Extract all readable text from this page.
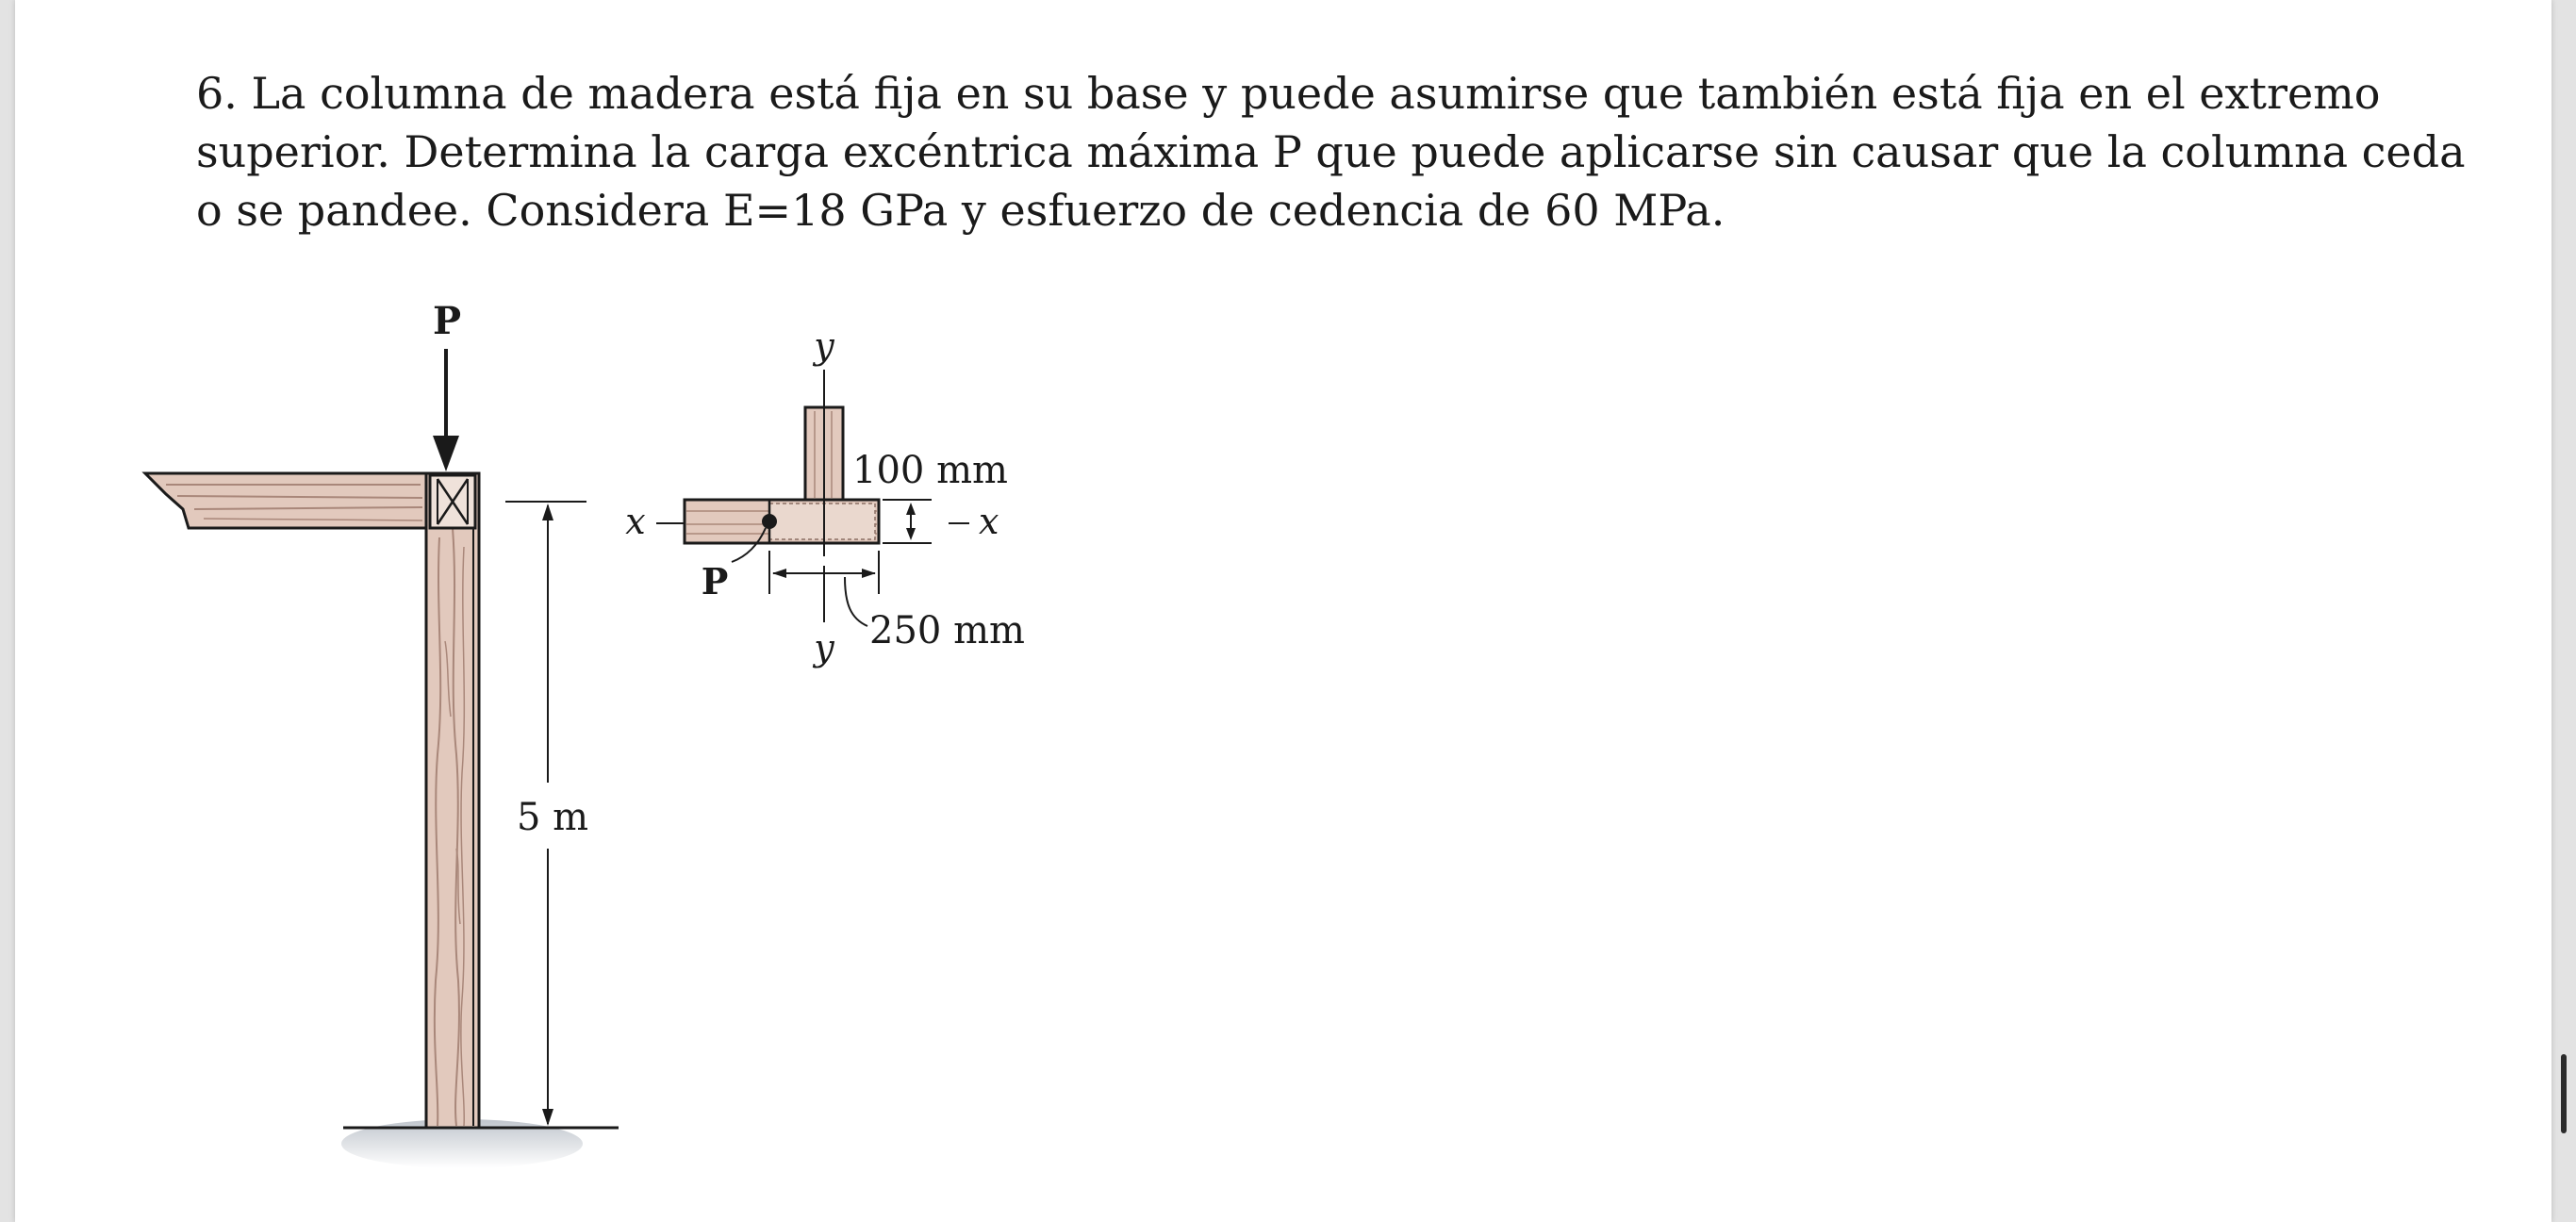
6. La columna de madera está fija en su base y puede asumirse que también está fija en el extremo superior. Determina la carga excéntrica máxima P que puede aplicarse sin causar que la columna ceda o se pandee. Considera E=18 GPa y esfuerzo de cedencia de 60 MPa.

P
5 m
y
y
x	x
P
100 mm
250 mm
